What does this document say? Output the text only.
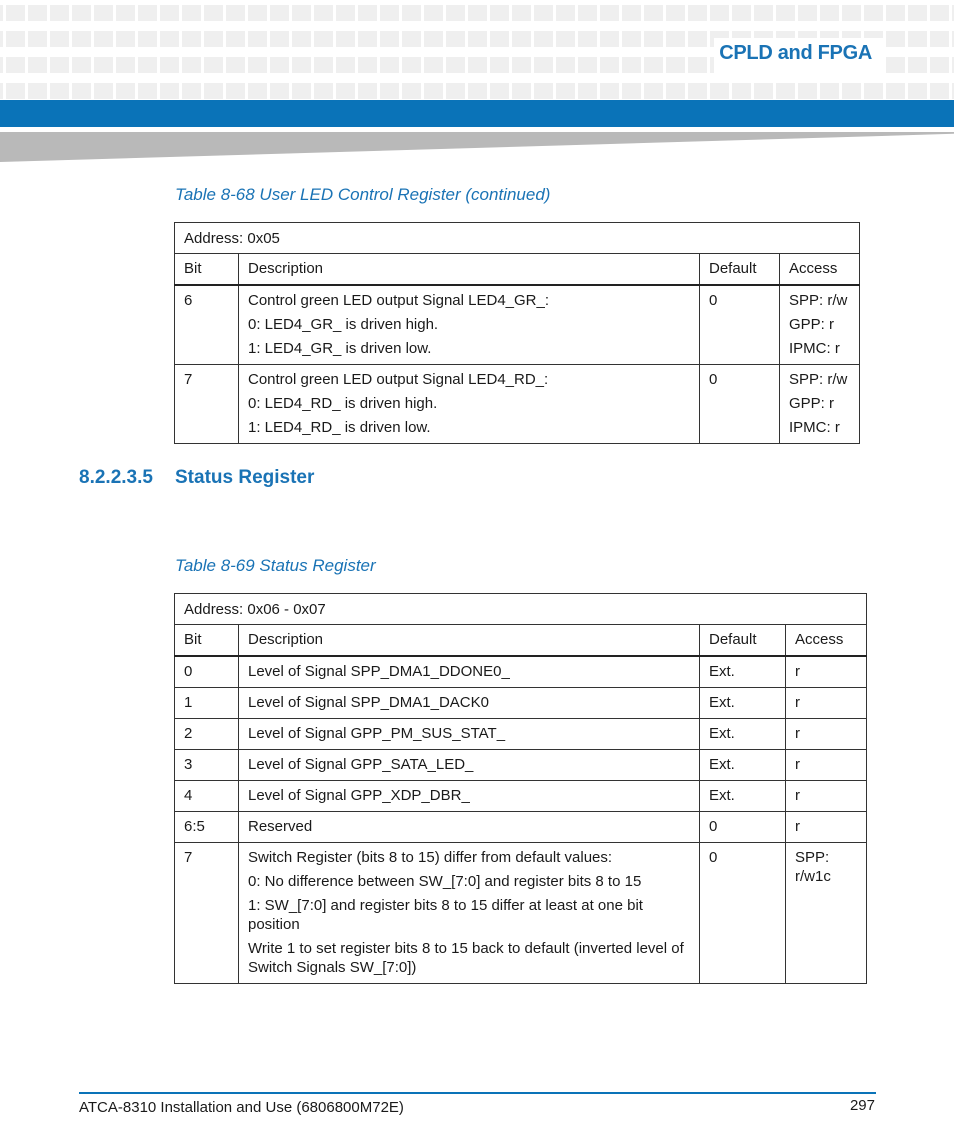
CPLD and FPGA
Table 8-68 User LED Control Register (continued)
Address: 0x05			
Bit	Description	Default	Access
6	Control green LED output Signal LED4_GR_:
0: LED4_GR_ is driven high.
1: LED4_GR_ is driven low.	0	SPP: r/w
GPP: r
IPMC: r

7	Control green LED output Signal LED4_RD_:
0: LED4_RD_ is driven high.
1: LED4_RD_ is driven low.	0	SPP: r/w
GPP: r
IPMC: r
8.2.2.3.5 Status Register
Table 8-69 Status Register
Address: 0x06 - 0x07			
Bit	Description	Default	Access
0	Level of Signal SPP_DMA1_DDONE0_	Ext.	r
1	Level of Signal SPP_DMA1_DACK0	Ext.	r
2	Level of Signal GPP_PM_SUS_STAT_	Ext.	r
3	Level of Signal GPP_SATA_LED_	Ext.	r
4	Level of Signal GPP_XDP_DBR_	Ext.	r
6:5	Reserved	0	r
7	Switch Register (bits 8 to 15) differ from default values:
0: No difference between SW_[7:0] and register bits 8 to 15
1: SW_[7:0] and register bits 8 to 15 differ at least at one bit position
Write 1 to set register bits 8 to 15 back to default (inverted level of Switch Signals SW_[7:0])	0	SPP: r/w1c
ATCA-8310 Installation and Use (6806800M72E)	297
